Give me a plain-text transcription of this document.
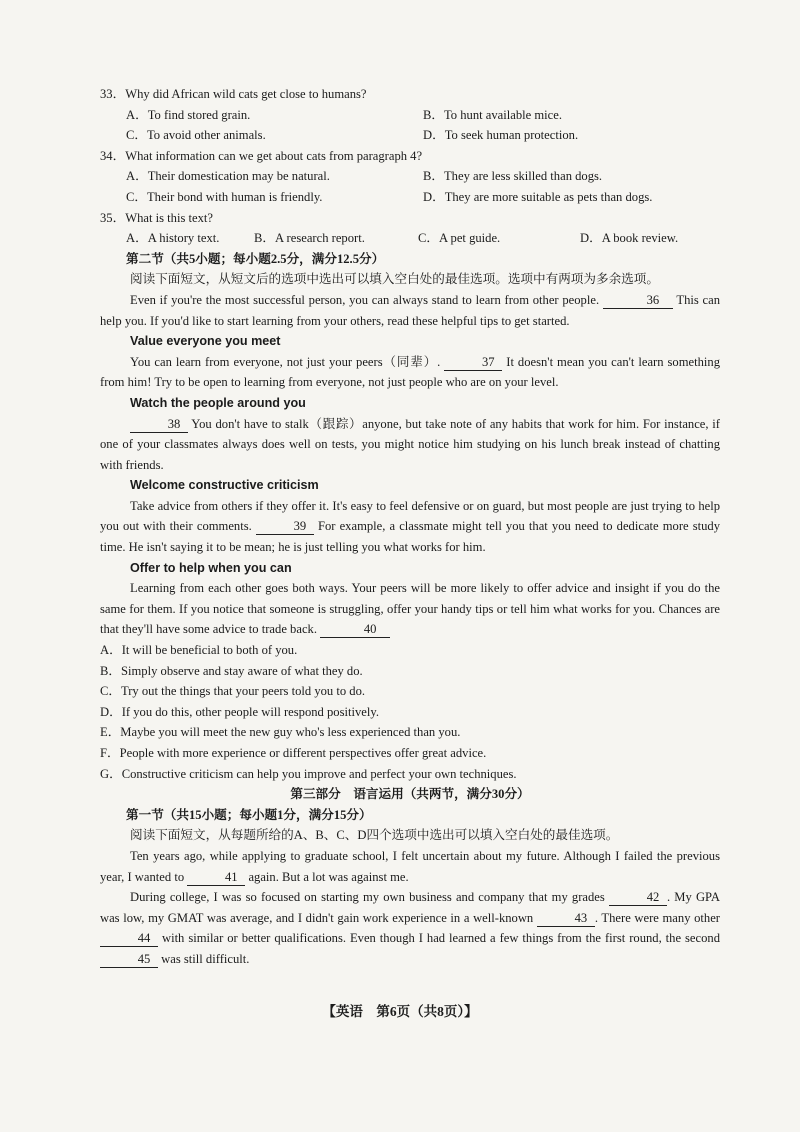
33．Why did African wild cats get close to humans?
A．To find stored grain.	B．To hunt available mice.
C．To avoid other animals.	D．To seek human protection.
34．What information can we get about cats from paragraph 4?
A．Their domestication may be natural.	B．They are less skilled than dogs.
C．Their bond with human is friendly.	D．They are more suitable as pets than dogs.
35．What is this text?
A．A history text.	B．A research report.	C．A pet guide.	D．A book review.
第二节（共5小题；每小题2.5分，满分12.5分）

阅读下面短文，从短文后的选项中选出可以填入空白处的最佳选项。选项中有两项为多余选项。

Even if you're the most successful person, you can always stand to learn from other people.	36 This can help you. If you'd like to start learning from your others, read these helpful tips to get started.

Value everyone you meet

You can learn from everyone, not just your peers（同辈）.	37 It doesn't mean you can't learn something from him! Try to be open to learning from everyone, not just people who are on your level.

Watch the people around you

38 You don't have to stalk（跟踪）anyone, but take note of any habits that work for him. For instance, if one of your classmates always does well on tests, you might notice him studying on his lunch break instead of chatting with friends.

Welcome constructive criticism

Take advice from others if they offer it. It's easy to feel defensive or on guard, but most people are just trying to help you out with their comments.	39 For example, a classmate might tell you that you need to dedicate more study time. He isn't saying it to be mean; he is just telling you what works for him.

Offer to help when you can

Learning from each other goes both ways. Your peers will be more likely to offer advice and insight if you do the same for them. If you notice that someone is struggling, offer your handy tips or tell him what works for you. Chances are that they'll have some advice to trade back.	40

A．It will be beneficial to both of you.
B．Simply observe and stay aware of what they do.
C．Try out the things that your peers told you to do.
D．If you do this, other people will respond positively.
E．Maybe you will meet the new guy who's less experienced than you.
F．People with more experience or different perspectives offer great advice.
G．Constructive criticism can help you improve and perfect your own techniques.
第三部分　语言运用（共两节，满分30分）
第一节（共15小题；每小题1分，满分15分）

阅读下面短文，从每题所给的A、B、C、D四个选项中选出可以填入空白处的最佳选项。

Ten years ago, while applying to graduate school, I felt uncertain about my future. Although I failed the previous year, I wanted to	41 again. But a lot was against me.

During college, I was so focused on starting my own business and company that my grades	42 . My GPA was low, my GMAT was average, and I didn't gain work experience in a well-known	43 . There were many other 44 with similar or better qualifications. Even though I had learned a few things from the first round, the second 45 was still difficult.

【英语　第6页（共8页）】
